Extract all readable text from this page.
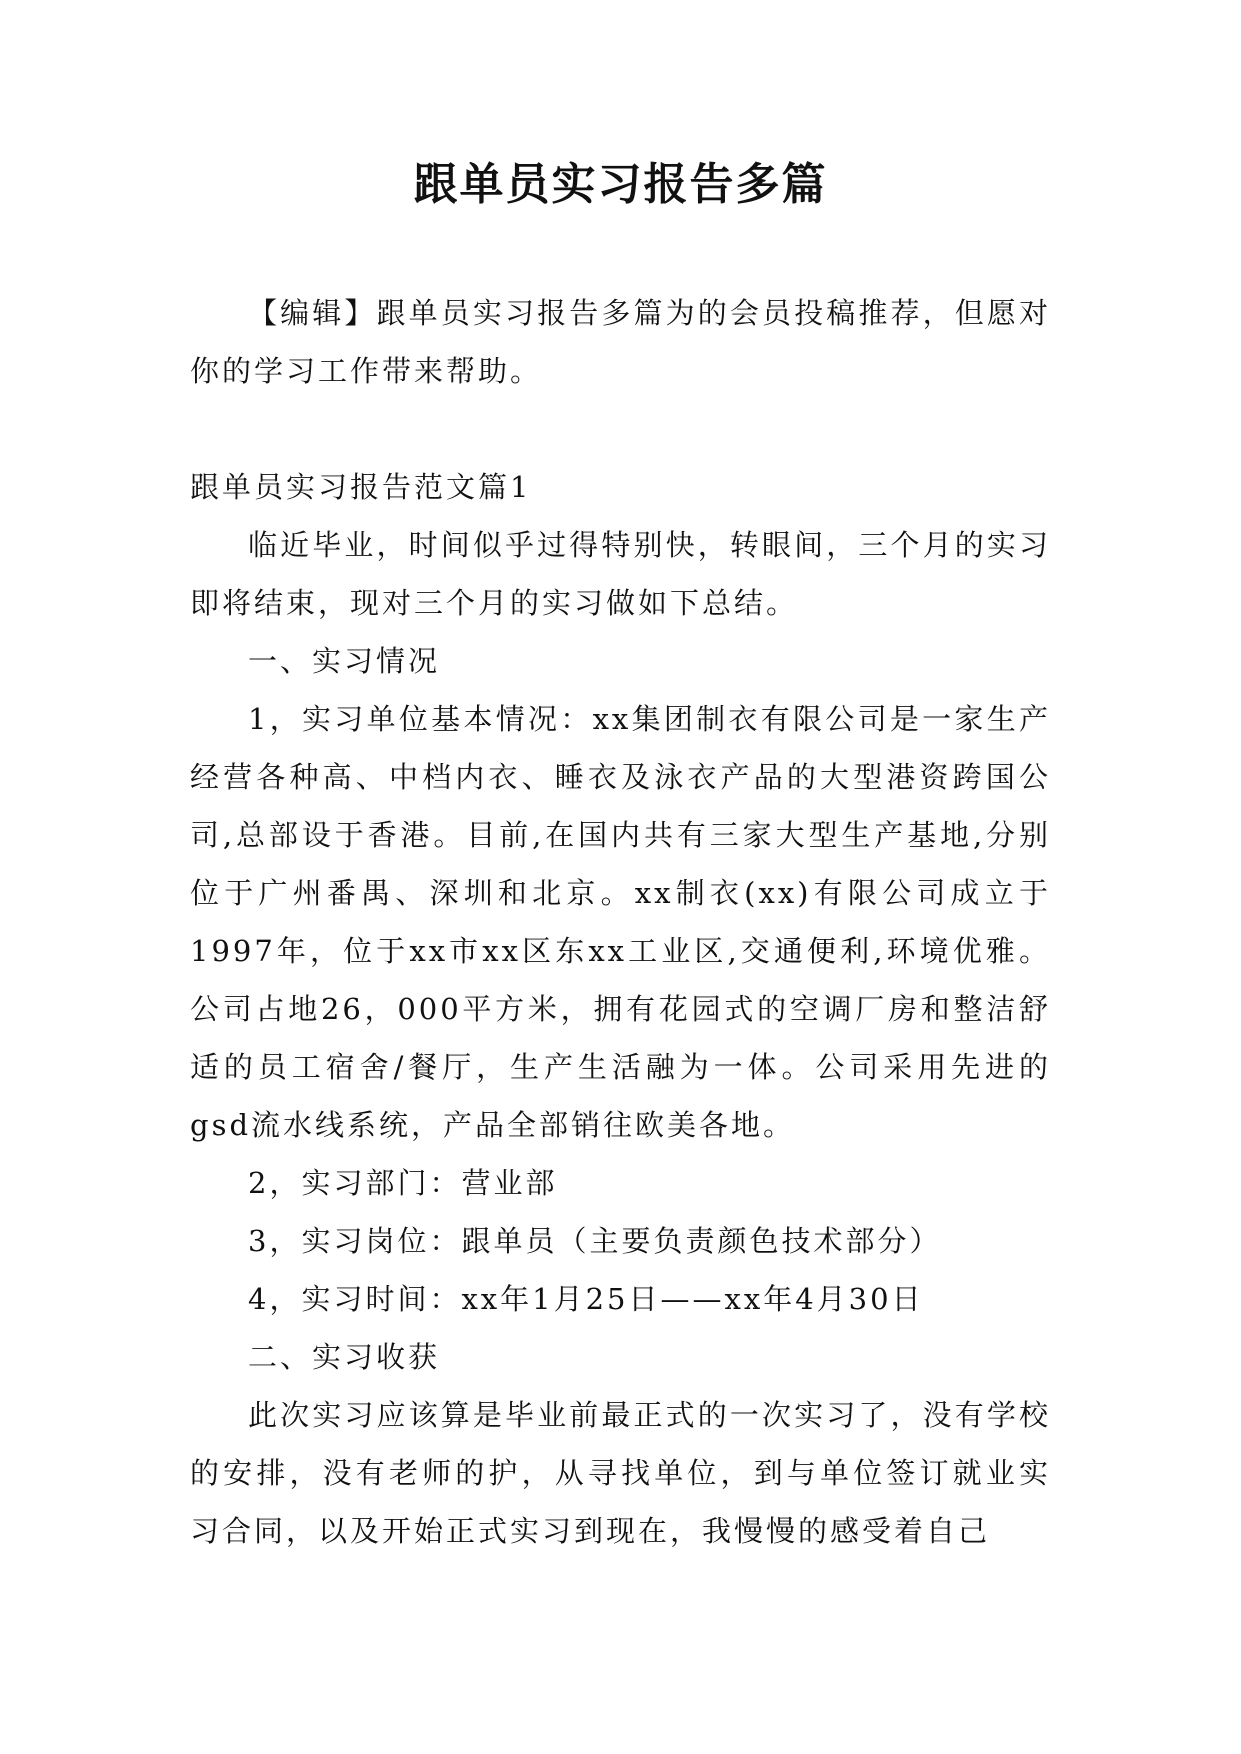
跟单员实习报告多篇

【编辑】跟单员实习报告多篇为的会员投稿推荐，但愿对你的学习工作带来帮助。

跟单员实习报告范文篇1

临近毕业，时间似乎过得特别快，转眼间，三个月的实习即将结束，现对三个月的实习做如下总结。

一、实习情况

1，实习单位基本情况：xx集团制衣有限公司是一家生产经营各种高、中档内衣、睡衣及泳衣产品的大型港资跨国公司,总部设于香港。目前,在国内共有三家大型生产基地,分别位于广州番禺、深圳和北京。xx制衣(xx)有限公司成立于1997年，位于xx市xx区东xx工业区,交通便利,环境优雅。公司占地26，000平方米，拥有花园式的空调厂房和整洁舒适的员工宿舍/餐厅，生产生活融为一体。公司采用先进的gsd流水线系统，产品全部销往欧美各地。

2，实习部门：营业部

3，实习岗位：跟单员（主要负责颜色技术部分）

4，实习时间：xx年1月25日——xx年4月30日

二、实习收获

此次实习应该算是毕业前最正式的一次实习了，没有学校的安排，没有老师的护，从寻找单位，到与单位签订就业实习合同，以及开始正式实习到现在，我慢慢的感受着自己
